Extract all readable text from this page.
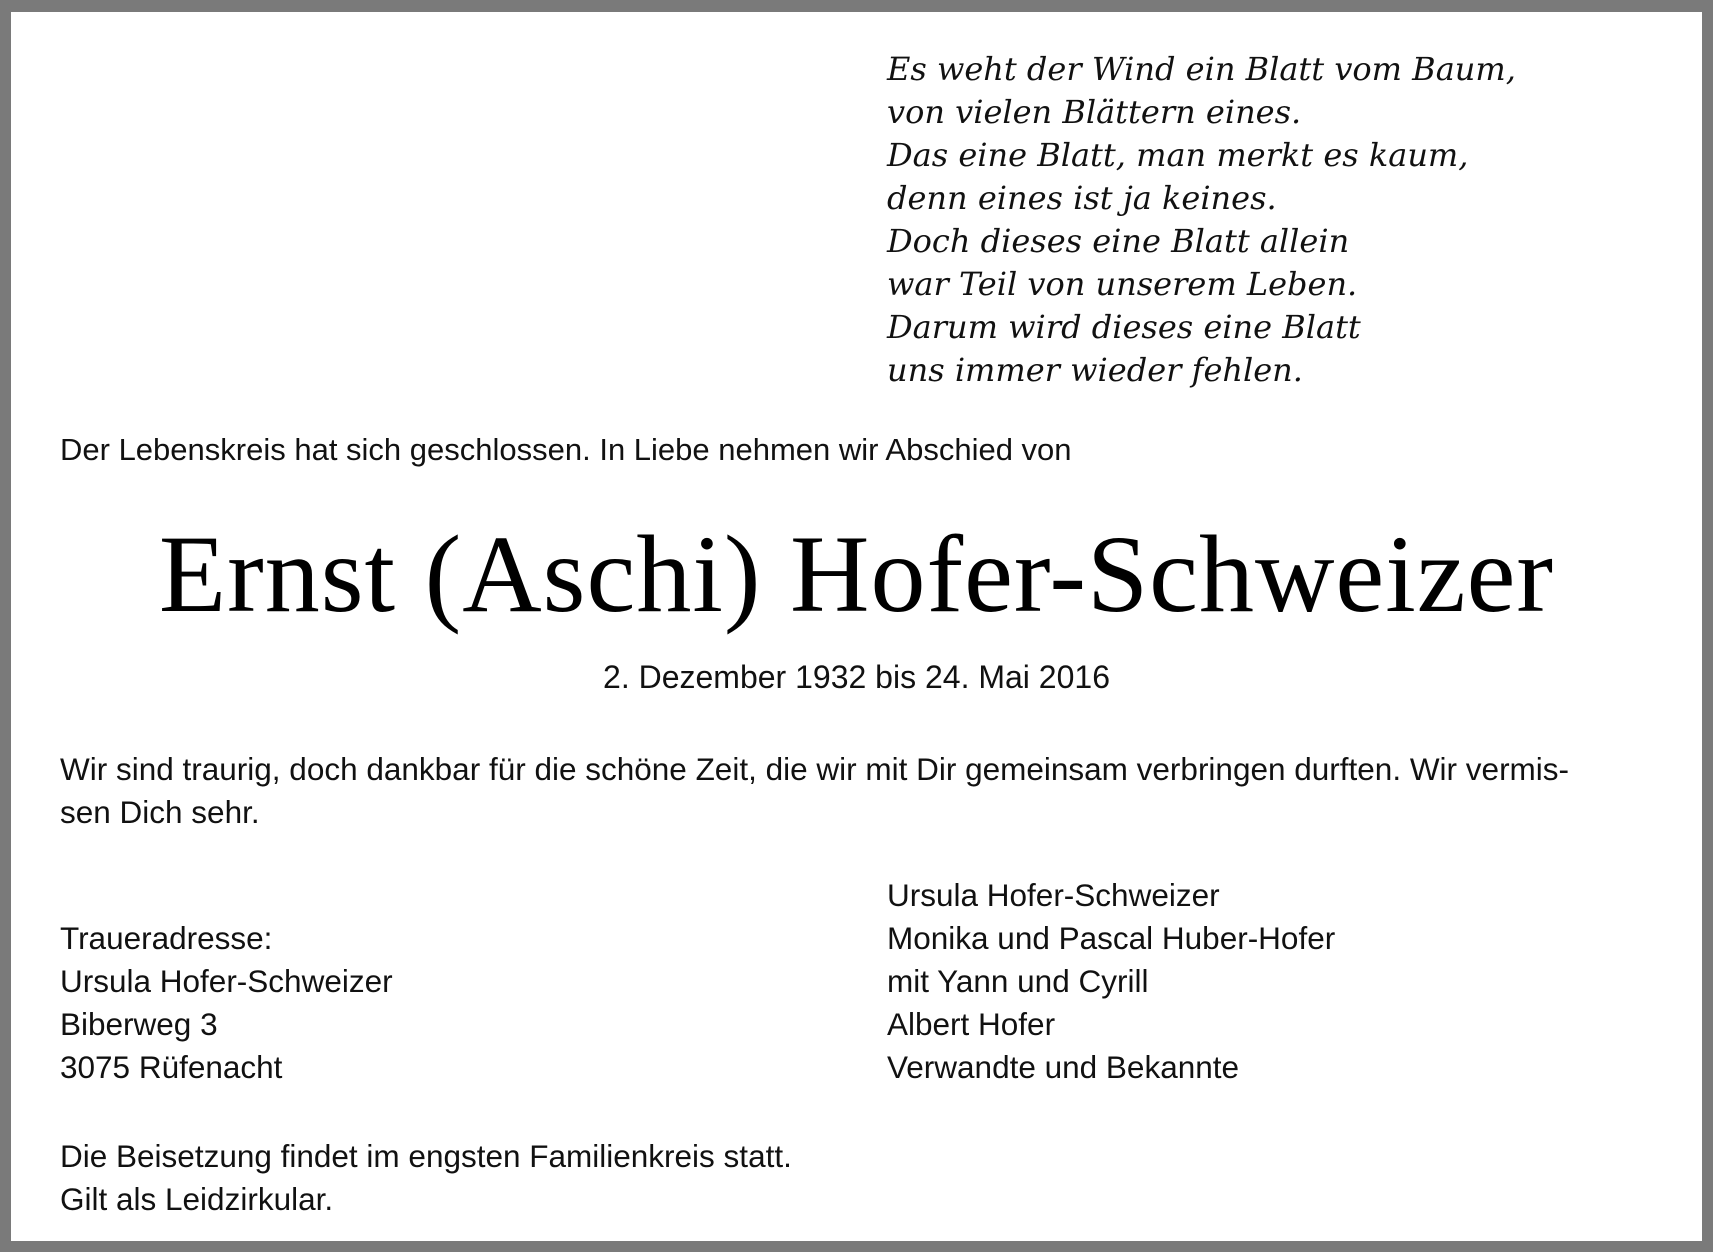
Es weht der Wind ein Blatt vom Baum,
von vielen Blättern eines.
Das eine Blatt, man merkt es kaum,
denn eines ist ja keines.
Doch dieses eine Blatt allein
war Teil von unserem Leben.
Darum wird dieses eine Blatt
uns immer wieder fehlen.
Der Lebenskreis hat sich geschlossen. In Liebe nehmen wir Abschied von
Ernst (Aschi) Hofer-Schweizer
2. Dezember 1932 bis 24. Mai 2016
Wir sind traurig, doch dankbar für die schöne Zeit, die wir mit Dir gemeinsam verbringen durften. Wir vermis-
sen Dich sehr.
Traueradresse:
Ursula Hofer-Schweizer
Biberweg 3
3075 Rüfenacht
Ursula Hofer-Schweizer
Monika und Pascal Huber-Hofer
mit Yann und Cyrill
Albert Hofer
Verwandte und Bekannte
Die Beisetzung findet im engsten Familienkreis statt.
Gilt als Leidzirkular.
